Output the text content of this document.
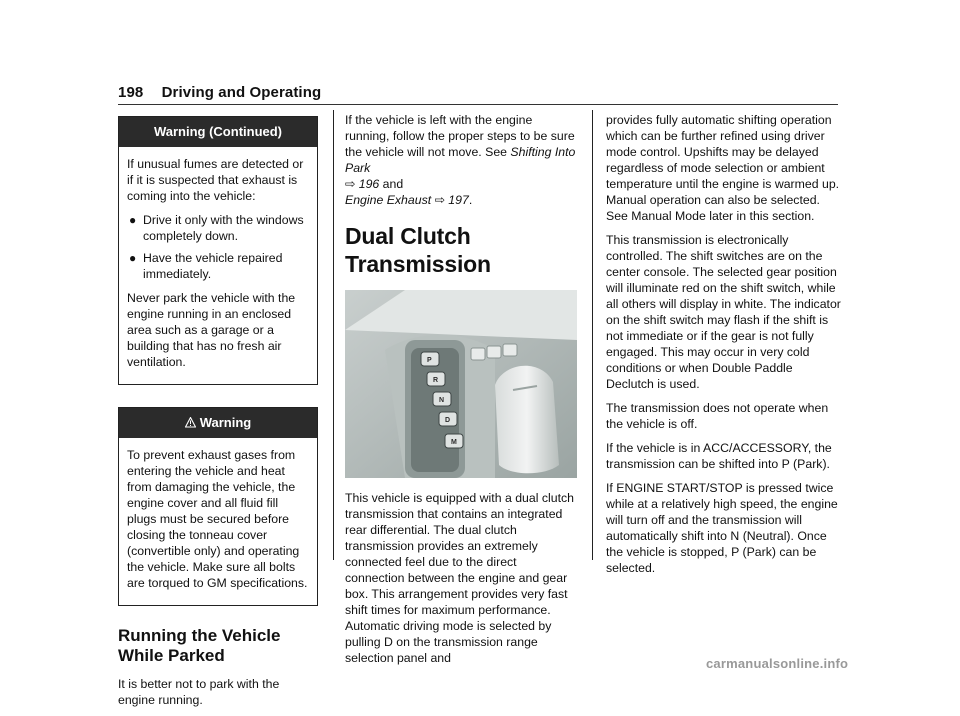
198 Driving and Operating
Warning (Continued)

If unusual fumes are detected or if it is suspected that exhaust is coming into the vehicle:

● Drive it only with the windows completely down.
● Have the vehicle repaired immediately.

Never park the vehicle with the engine running in an enclosed area such as a garage or a building that has no fresh air ventilation.

Warning

To prevent exhaust gases from entering the vehicle and heat from damaging the vehicle, the engine cover and all fluid fill plugs must be secured before closing the tonneau cover (convertible only) and operating the vehicle. Make sure all bolts are torqued to GM specifications.

Running the Vehicle While Parked

It is better not to park with the engine running.

If the vehicle is left with the engine running, follow the proper steps to be sure the vehicle will not move. See Shifting Into Park
⇨ 196 and
Engine Exhaust ⇨ 197.

Dual Clutch Transmission
P
R
N
D
M

This vehicle is equipped with a dual clutch transmission that contains an integrated rear differential. The dual clutch transmission provides an extremely connected feel due to the direct connection between the engine and gear box. This arrangement provides very fast shift times for maximum performance. Automatic driving mode is selected by pulling D on the transmission range selection panel and

provides fully automatic shifting operation which can be further refined using driver mode control. Upshifts may be delayed regardless of mode selection or ambient temperature until the engine is warmed up. Manual operation can also be selected. See Manual Mode later in this section.

This transmission is electronically controlled. The shift switches are on the center console. The selected gear position will illuminate red on the shift switch, while all others will display in white. The indicator on the shift switch may flash if the shift is not immediate or if the gear is not fully engaged. This may occur in very cold conditions or when Double Paddle Declutch is used.

The transmission does not operate when the vehicle is off.

If the vehicle is in ACC/ACCESSORY, the transmission can be shifted into P (Park).

If ENGINE START/STOP is pressed twice while at a relatively high speed, the engine will turn off and the transmission will automatically shift into N (Neutral). Once the vehicle is stopped, P (Park) can be selected.

carmanualsonline.info
